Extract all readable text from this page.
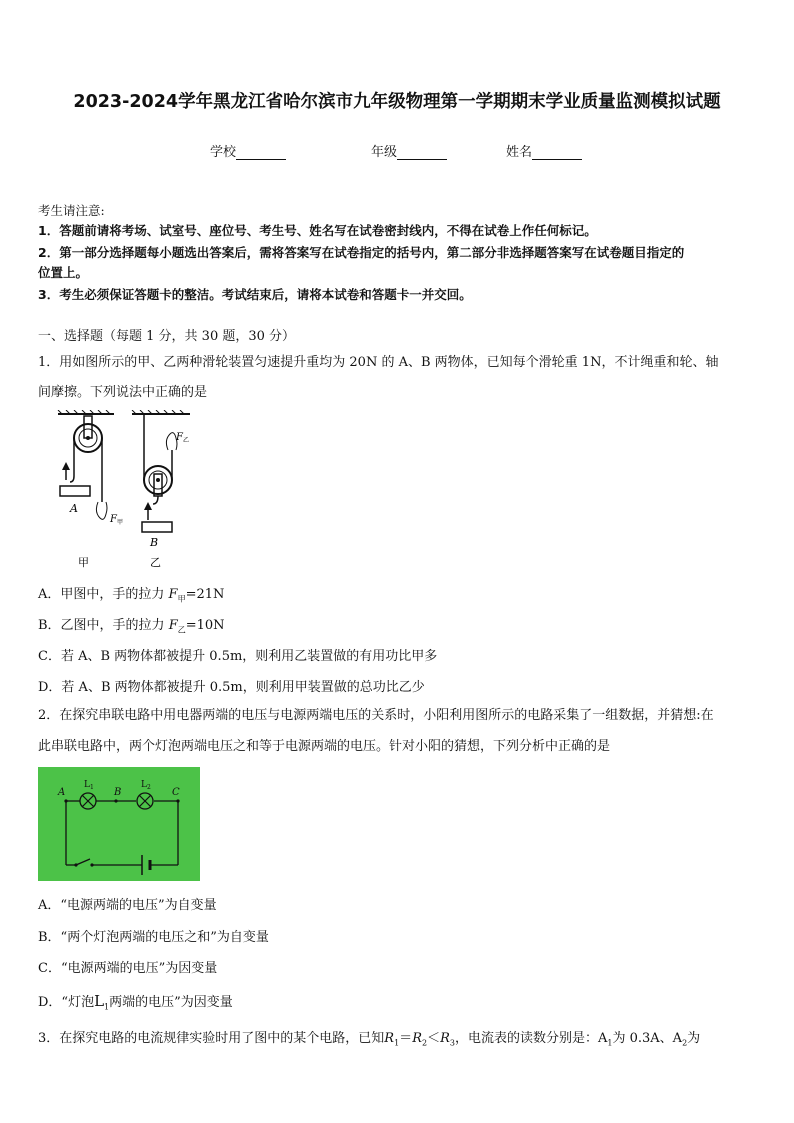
2023-2024学年黑龙江省哈尔滨市九年级物理第一学期期末学业质量监测模拟试题
学校	年级	姓名
考生请注意:
1．答题前请将考场、试室号、座位号、考生号、姓名写在试卷密封线内，不得在试卷上作任何标记。
2．第一部分选择题每小题选出答案后，需将答案写在试卷指定的括号内，第二部分非选择题答案写在试卷题目指定的
位置上。
3．考生必须保证答题卡的整洁。考试结束后，请将本试卷和答题卡一并交回。
一、选择题（每题 1 分，共 30 题，30 分）
1．用如图所示的甲、乙两种滑轮装置匀速提升重均为 20N 的 A、B 两物体，已知每个滑轮重 1N，不计绳重和轮、轴
间摩擦。下列说法中正确的是
A
F 甲
B
F 乙
甲	乙
A．甲图中，手的拉力 $F_甲=21N$
B．乙图中，手的拉力 $F_乙=10N$
C．若 A、B 两物体都被提升 0.5m，则利用乙装置做的有用功比甲多
D．若 A、B 两物体都被提升 0.5m，则利用甲装置做的总功比乙少
2．在探究串联电路中用电器两端的电压与电源两端电压的关系时，小阳利用图所示的电路采集了一组数据，并猜想:在
此串联电路中，两个灯泡两端电压之和等于电源两端的电压。针对小阳的猜想，下列分析中正确的是
A	B	C
L 1	L 2
A．“电源两端的电压”为自变量
B．“两个灯泡两端的电压之和”为自变量
C．“电源两端的电压”为因变量
D．“灯泡$L_1$两端的电压”为因变量
3．在探究电路的电流规律实验时用了图中的某个电路，已知$R_1=R_2<R_3$，电流表的读数分别是：$A_1$为 0.3A、$A_2$为
